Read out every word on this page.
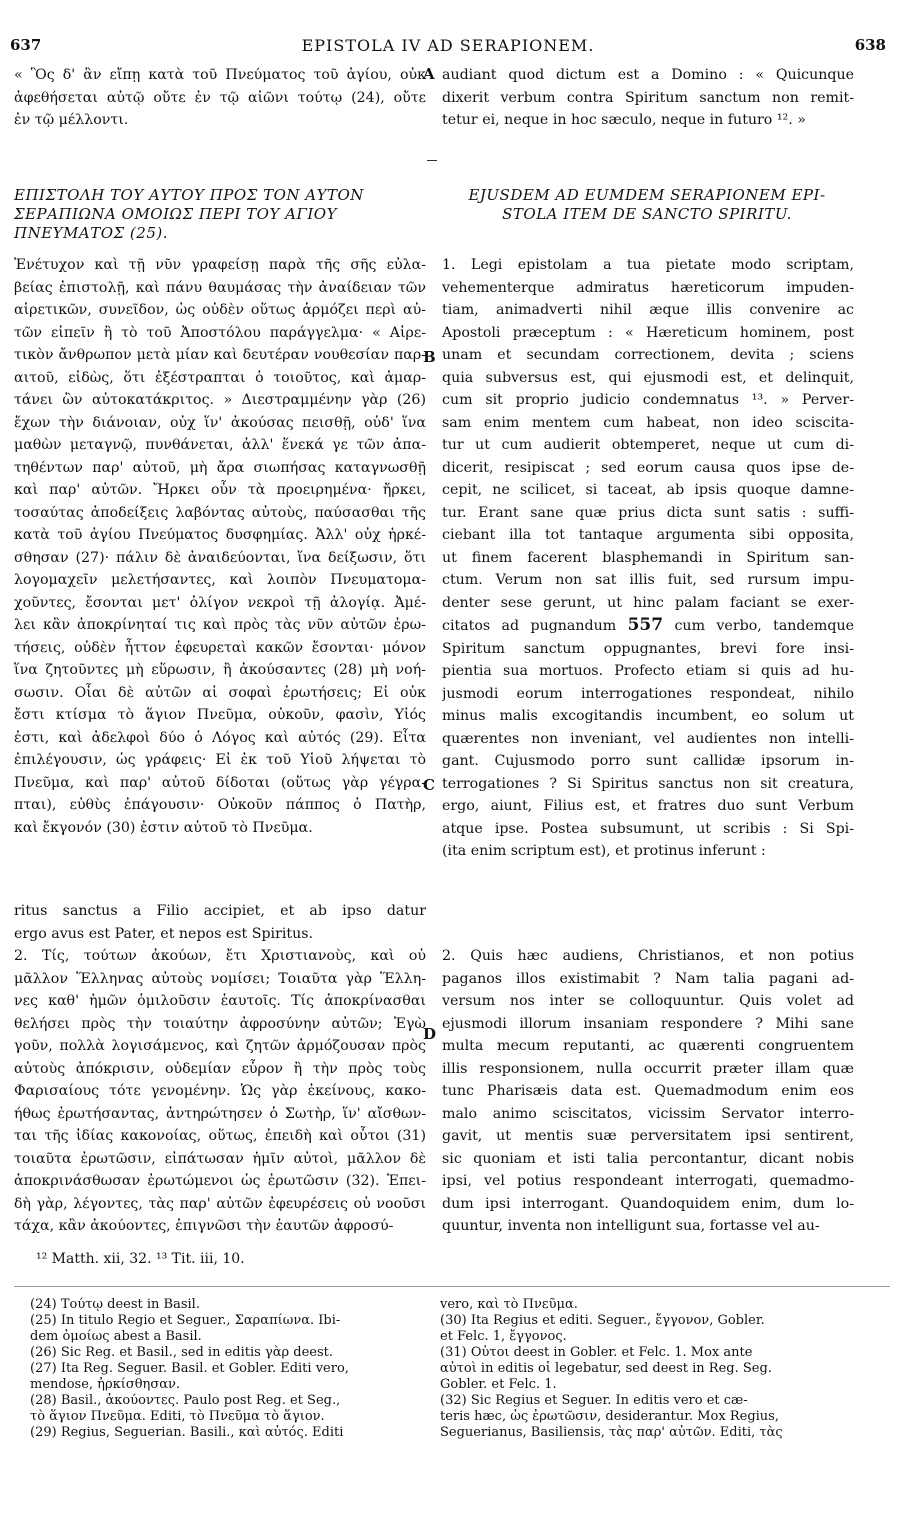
637	EPISTOLA IV AD SERAPIONEM.	638
« Ὃς δ' ἂν εἴπῃ κατὰ τοῦ Πνεύματος τοῦ ἁγίου, οὐκ
ἀφεθήσεται αὐτῷ οὔτε ἐν τῷ αἰῶνι τούτῳ (24), οὔτε
ἐν τῷ μέλλοντι.
audiant quod dictum est a Domino : « Quicunque
dixerit verbum contra Spiritum sanctum non remit-
tetur ei, neque in hoc sæculo, neque in futuro ¹². »
A
ΕΠΙΣΤΟΛΗ ΤΟΥ ΑΥΤΟΥ ΠΡΟΣ ΤΟΝ ΑΥΤΟΝ
ΣΕΡΑΠΙΩΝΑ ΟΜΟΙΩΣ ΠΕΡΙ ΤΟΥ ΑΓΙΟΥ
ΠΝΕΥΜΑΤΟΣ (25).
EJUSDEM AD EUMDEM SERAPIONEM EPI-
STOLA ITEM DE SANCTO SPIRITU.
Ἐνέτυχον καὶ τῇ νῦν γραφείσῃ παρὰ τῆς σῆς εὐλα-
βείας ἐπιστολῇ, καὶ πάνυ θαυμάσας τὴν ἀναίδειαν τῶν
αἱρετικῶν, συνεῖδον, ὡς οὐδὲν οὕτως ἁρμόζει περὶ αὐ-
τῶν εἰπεῖν ἢ τὸ τοῦ Ἀποστόλου παράγγελμα· « Αἱρε-
τικὸν ἄνθρωπον μετὰ μίαν καὶ δευτέραν νουθεσίαν παρ-
αιτοῦ, εἰδὼς, ὅτι ἐξέστραπται ὁ τοιοῦτος, καὶ ἁμαρ-
τάνει ὢν αὐτοκατάκριτος. » Διεστραμμένην γὰρ (26)
ἔχων τὴν διάνοιαν, οὐχ ἵν' ἀκούσας πεισθῇ, οὐδ' ἵνα
μαθὼν μεταγνῷ, πυνθάνεται, ἀλλ' ἕνεκά γε τῶν ἀπα-
τηθέντων παρ' αὐτοῦ, μὴ ἄρα σιωπήσας καταγνωσθῇ
καὶ παρ' αὐτῶν. Ἤρκει οὖν τὰ προειρημένα· ἤρκει,
τοσαύτας ἀποδείξεις λαβόντας αὐτοὺς, παύσασθαι τῆς
κατὰ τοῦ ἁγίου Πνεύματος δυσφημίας. Ἀλλ' οὐχ ἠρκέ-
σθησαν (27)· πάλιν δὲ ἀναιδεύονται, ἵνα δείξωσιν, ὅτι
λογομαχεῖν μελετήσαντες, καὶ λοιπὸν Πνευματομα-
χοῦντες, ἔσονται μετ' ὀλίγον νεκροὶ τῇ ἀλογίᾳ. Ἀμέ-
λει κἂν ἀποκρίνηταί τις καὶ πρὸς τὰς νῦν αὐτῶν ἐρω-
τήσεις, οὐδὲν ἧττον ἐφευρεταὶ κακῶν ἔσονται· μόνον
ἵνα ζητοῦντες μὴ εὕρωσιν, ἢ ἀκούσαντες (28) μὴ νοή-
σωσιν. Οἶαι δὲ αὐτῶν αἱ σοφαὶ ἐρωτήσεις; Εἰ οὐκ
ἔστι κτίσμα τὸ ἅγιον Πνεῦμα, οὐκοῦν, φασὶν, Υἱός
ἐστι, καὶ ἀδελφοὶ δύο ὁ Λόγος καὶ αὐτός (29). Εἶτα
ἐπιλέγουσιν, ὡς γράφεις· Εἰ ἐκ τοῦ Υἱοῦ λήψεται τὸ
Πνεῦμα, καὶ παρ' αὐτοῦ δίδοται (οὕτως γὰρ γέγρα-
πται), εὐθὺς ἐπάγουσιν· Οὐκοῦν πάππος ὁ Πατὴρ,
καὶ ἔκγονόν (30) ἐστιν αὐτοῦ τὸ Πνεῦμα.
ritus sanctus a Filio accipiet, et ab ipso datur
ergo avus est Pater, et nepos est Spiritus.
2. Τίς, τούτων ἀκούων, ἔτι Χριστιανοὺς, καὶ οὐ
μᾶλλον Ἕλληνας αὐτοὺς νομίσει; Τοιαῦτα γὰρ Ἕλλη-
νες καθ' ἡμῶν ὁμιλοῦσιν ἑαυτοῖς. Τίς ἀποκρίνασθαι
θελήσει πρὸς τὴν τοιαύτην ἀφροσύνην αὐτῶν; Ἐγὼ
γοῦν, πολλὰ λογισάμενος, καὶ ζητῶν ἁρμόζουσαν πρὸς
αὐτοὺς ἀπόκρισιν, οὐδεμίαν εὗρον ἢ τὴν πρὸς τοὺς
Φαρισαίους τότε γενομένην. Ὡς γὰρ ἐκείνους, κακο-
ήθως ἐρωτήσαντας, ἀντηρώτησεν ὁ Σωτὴρ, ἵν' αἴσθων-
ται τῆς ἰδίας κακονοίας, οὕτως, ἐπειδὴ καὶ οὗτοι (31)
τοιαῦτα ἐρωτῶσιν, εἰπάτωσαν ἡμῖν αὐτοὶ, μᾶλλον δὲ
ἀποκρινάσθωσαν ἐρωτώμενοι ὡς ἐρωτῶσιν (32). Ἐπει-
δὴ γὰρ, λέγοντες, τὰς παρ' αὐτῶν ἐφευρέσεις οὐ νοοῦσι
τάχα, κἂν ἀκούοντες, ἐπιγνῶσι τὴν ἑαυτῶν ἀφροσύ-
1. Legi epistolam a tua pietate modo scriptam,
vehementerque admiratus hæreticorum impuden-
tiam, animadverti nihil æque illis convenire ac
Apostoli præceptum : « Hæreticum hominem, post
unam et secundam correctionem, devita ; sciens
quia subversus est, qui ejusmodi est, et delinquit,
cum sit proprio judicio condemnatus ¹³. » Perver-
sam enim mentem cum habeat, non ideo sciscita-
tur ut cum audierit obtemperet, neque ut cum di-
dicerit, resipiscat ; sed eorum causa quos ipse de-
cepit, ne scilicet, si taceat, ab ipsis quoque damne-
tur. Erant sane quæ prius dicta sunt satis : suffi-
ciebant illa tot tantaque argumenta sibi opposita,
ut finem facerent blasphemandi in Spiritum san-
ctum. Verum non sat illis fuit, sed rursum impu-
denter sese gerunt, ut hinc palam faciant se exer-
citatos ad pugnandum 557 cum verbo, tandemque
Spiritum sanctum oppugnantes, brevi fore insi-
pientia sua mortuos. Profecto etiam si quis ad hu-
jusmodi eorum interrogationes respondeat, nihilo
minus malis excogitandis incumbent, eo solum ut
quærentes non inveniant, vel audientes non intelli-
gant. Cujusmodo porro sunt callidæ ipsorum in-
terrogationes ? Si Spiritus sanctus non sit creatura,
ergo, aiunt, Filius est, et fratres duo sunt Verbum
atque ipse. Postea subsumunt, ut scribis : Si Spi-
(ita enim scriptum est), et protinus inferunt :
2. Quis hæc audiens, Christianos, et non potius
paganos illos existimabit ? Nam talia pagani ad-
versum nos inter se colloquuntur. Quis volet ad
ejusmodi illorum insaniam respondere ? Mihi sane
multa mecum reputanti, ac quærenti congruentem
illis responsionem, nulla occurrit præter illam quæ
tunc Pharisæis data est. Quemadmodum enim eos
malo animo sciscitatos, vicissim Servator interro-
gavit, ut mentis suæ perversitatem ipsi sentirent,
sic quoniam et isti talia percontantur, dicant nobis
ipsi, vel potius respondeant interrogati, quemadmo-
dum ipsi interrogant. Quandoquidem enim, dum lo-
quuntur, inventa non intelligunt sua, fortasse vel au-
B
C
D
¹² Matth. xii, 32. ¹³ Tit. iii, 10.
(24) Τούτῳ deest in Basil.
(25) In titulo Regio et Seguer., Σαραπίωνα. Ibi-
dem ὁμοίως abest a Basil.
(26) Sic Reg. et Basil., sed in editis γὰρ deest.
(27) Ita Reg. Seguer. Basil. et Gobler. Editi vero,
mendose, ἠρκίσθησαν.
(28) Basil., ἀκούοντες. Paulo post Reg. et Seg.,
τὸ ἅγιον Πνεῦμα. Editi, τὸ Πνεῦμα τὸ ἅγιον.
(29) Regius, Seguerian. Basili., καὶ αὐτός. Editi
vero, καὶ τὸ Πνεῦμα.
(30) Ita Regius et editi. Seguer., ἔγγονον, Gobler.
et Felc. 1, ἔγγονος.
(31) Οὗτοι deest in Gobler. et Felc. 1. Mox ante
αὐτοὶ in editis οἱ legebatur, sed deest in Reg. Seg.
Gobler. et Felc. 1.
(32) Sic Regius et Seguer. In editis vero et cæ-
teris hæc, ὡς ἐρωτῶσιν, desiderantur. Mox Regius,
Seguerianus, Basiliensis, τὰς παρ' αὐτῶν. Editi, τὰς
